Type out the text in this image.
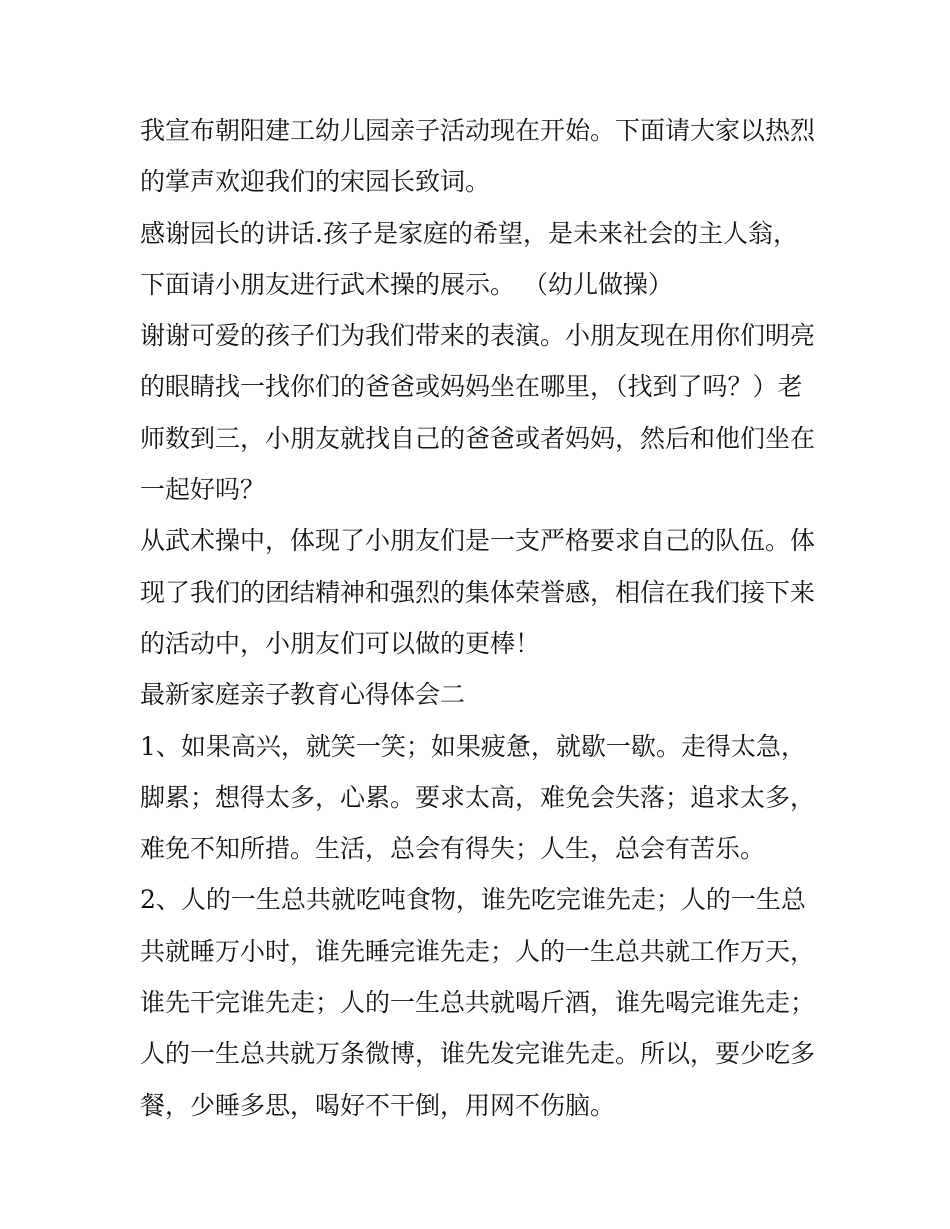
我宣布朝阳建工幼儿园亲子活动现在开始。下面请大家以热烈
的掌声欢迎我们的宋园长致词。
感谢园长的讲话.孩子是家庭的希望，是未来社会的主人翁，
下面请小朋友进行武术操的展示。 （幼儿做操）
谢谢可爱的孩子们为我们带来的表演。小朋友现在用你们明亮
的眼睛找一找你们的爸爸或妈妈坐在哪里，（找到了吗？）老
师数到三，小朋友就找自己的爸爸或者妈妈，然后和他们坐在
一起好吗？
从武术操中，体现了小朋友们是一支严格要求自己的队伍。体
现了我们的团结精神和强烈的集体荣誉感，相信在我们接下来
的活动中，小朋友们可以做的更棒！
最新家庭亲子教育心得体会二
1、如果高兴，就笑一笑；如果疲惫，就歇一歇。走得太急，
脚累；想得太多，心累。要求太高，难免会失落；追求太多，
难免不知所措。生活，总会有得失；人生，总会有苦乐。
2、人的一生总共就吃吨食物，谁先吃完谁先走；人的一生总
共就睡万小时，谁先睡完谁先走；人的一生总共就工作万天，
谁先干完谁先走；人的一生总共就喝斤酒，谁先喝完谁先走；
人的一生总共就万条微博，谁先发完谁先走。所以，要少吃多
餐，少睡多思，喝好不干倒，用网不伤脑。
